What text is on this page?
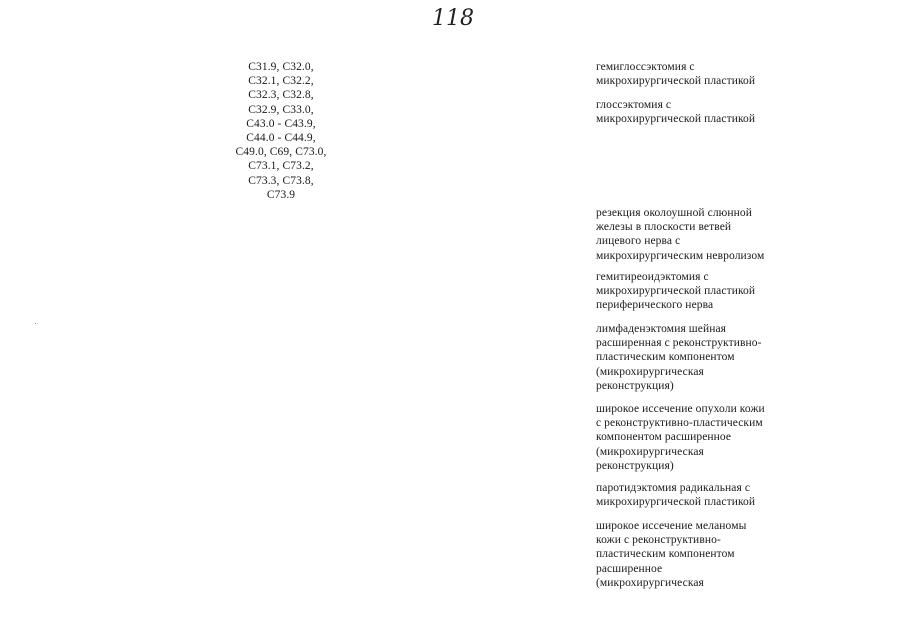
118
C31.9, C32.0,
C32.1, C32.2,
C32.3, C32.8,
C32.9, C33.0,
C43.0 - C43.9,
C44.0 - C44.9,
C49.0, C69, C73.0,
C73.1, C73.2,
C73.3, C73.8,
C73.9
гемиглоссэктомия с
микрохирургической пластикой
глоссэктомия с
микрохирургической пластикой
резекция околоушной слюнной
железы в плоскости ветвей
лицевого нерва с
микрохирургическим невролизом
гемитиреоидэктомия с
микрохирургической пластикой
периферического нерва
лимфаденэктомия шейная
расширенная с реконструктивно-
пластическим компонентом
(микрохирургическая
реконструкция)
широкое иссечение опухоли кожи
с реконструктивно-пластическим
компонентом расширенное
(микрохирургическая
реконструкция)
паротидэктомия радикальная с
микрохирургической пластикой
широкое иссечение меланомы
кожи с реконструктивно-
пластическим компонентом
расширенное
(микрохирургическая
